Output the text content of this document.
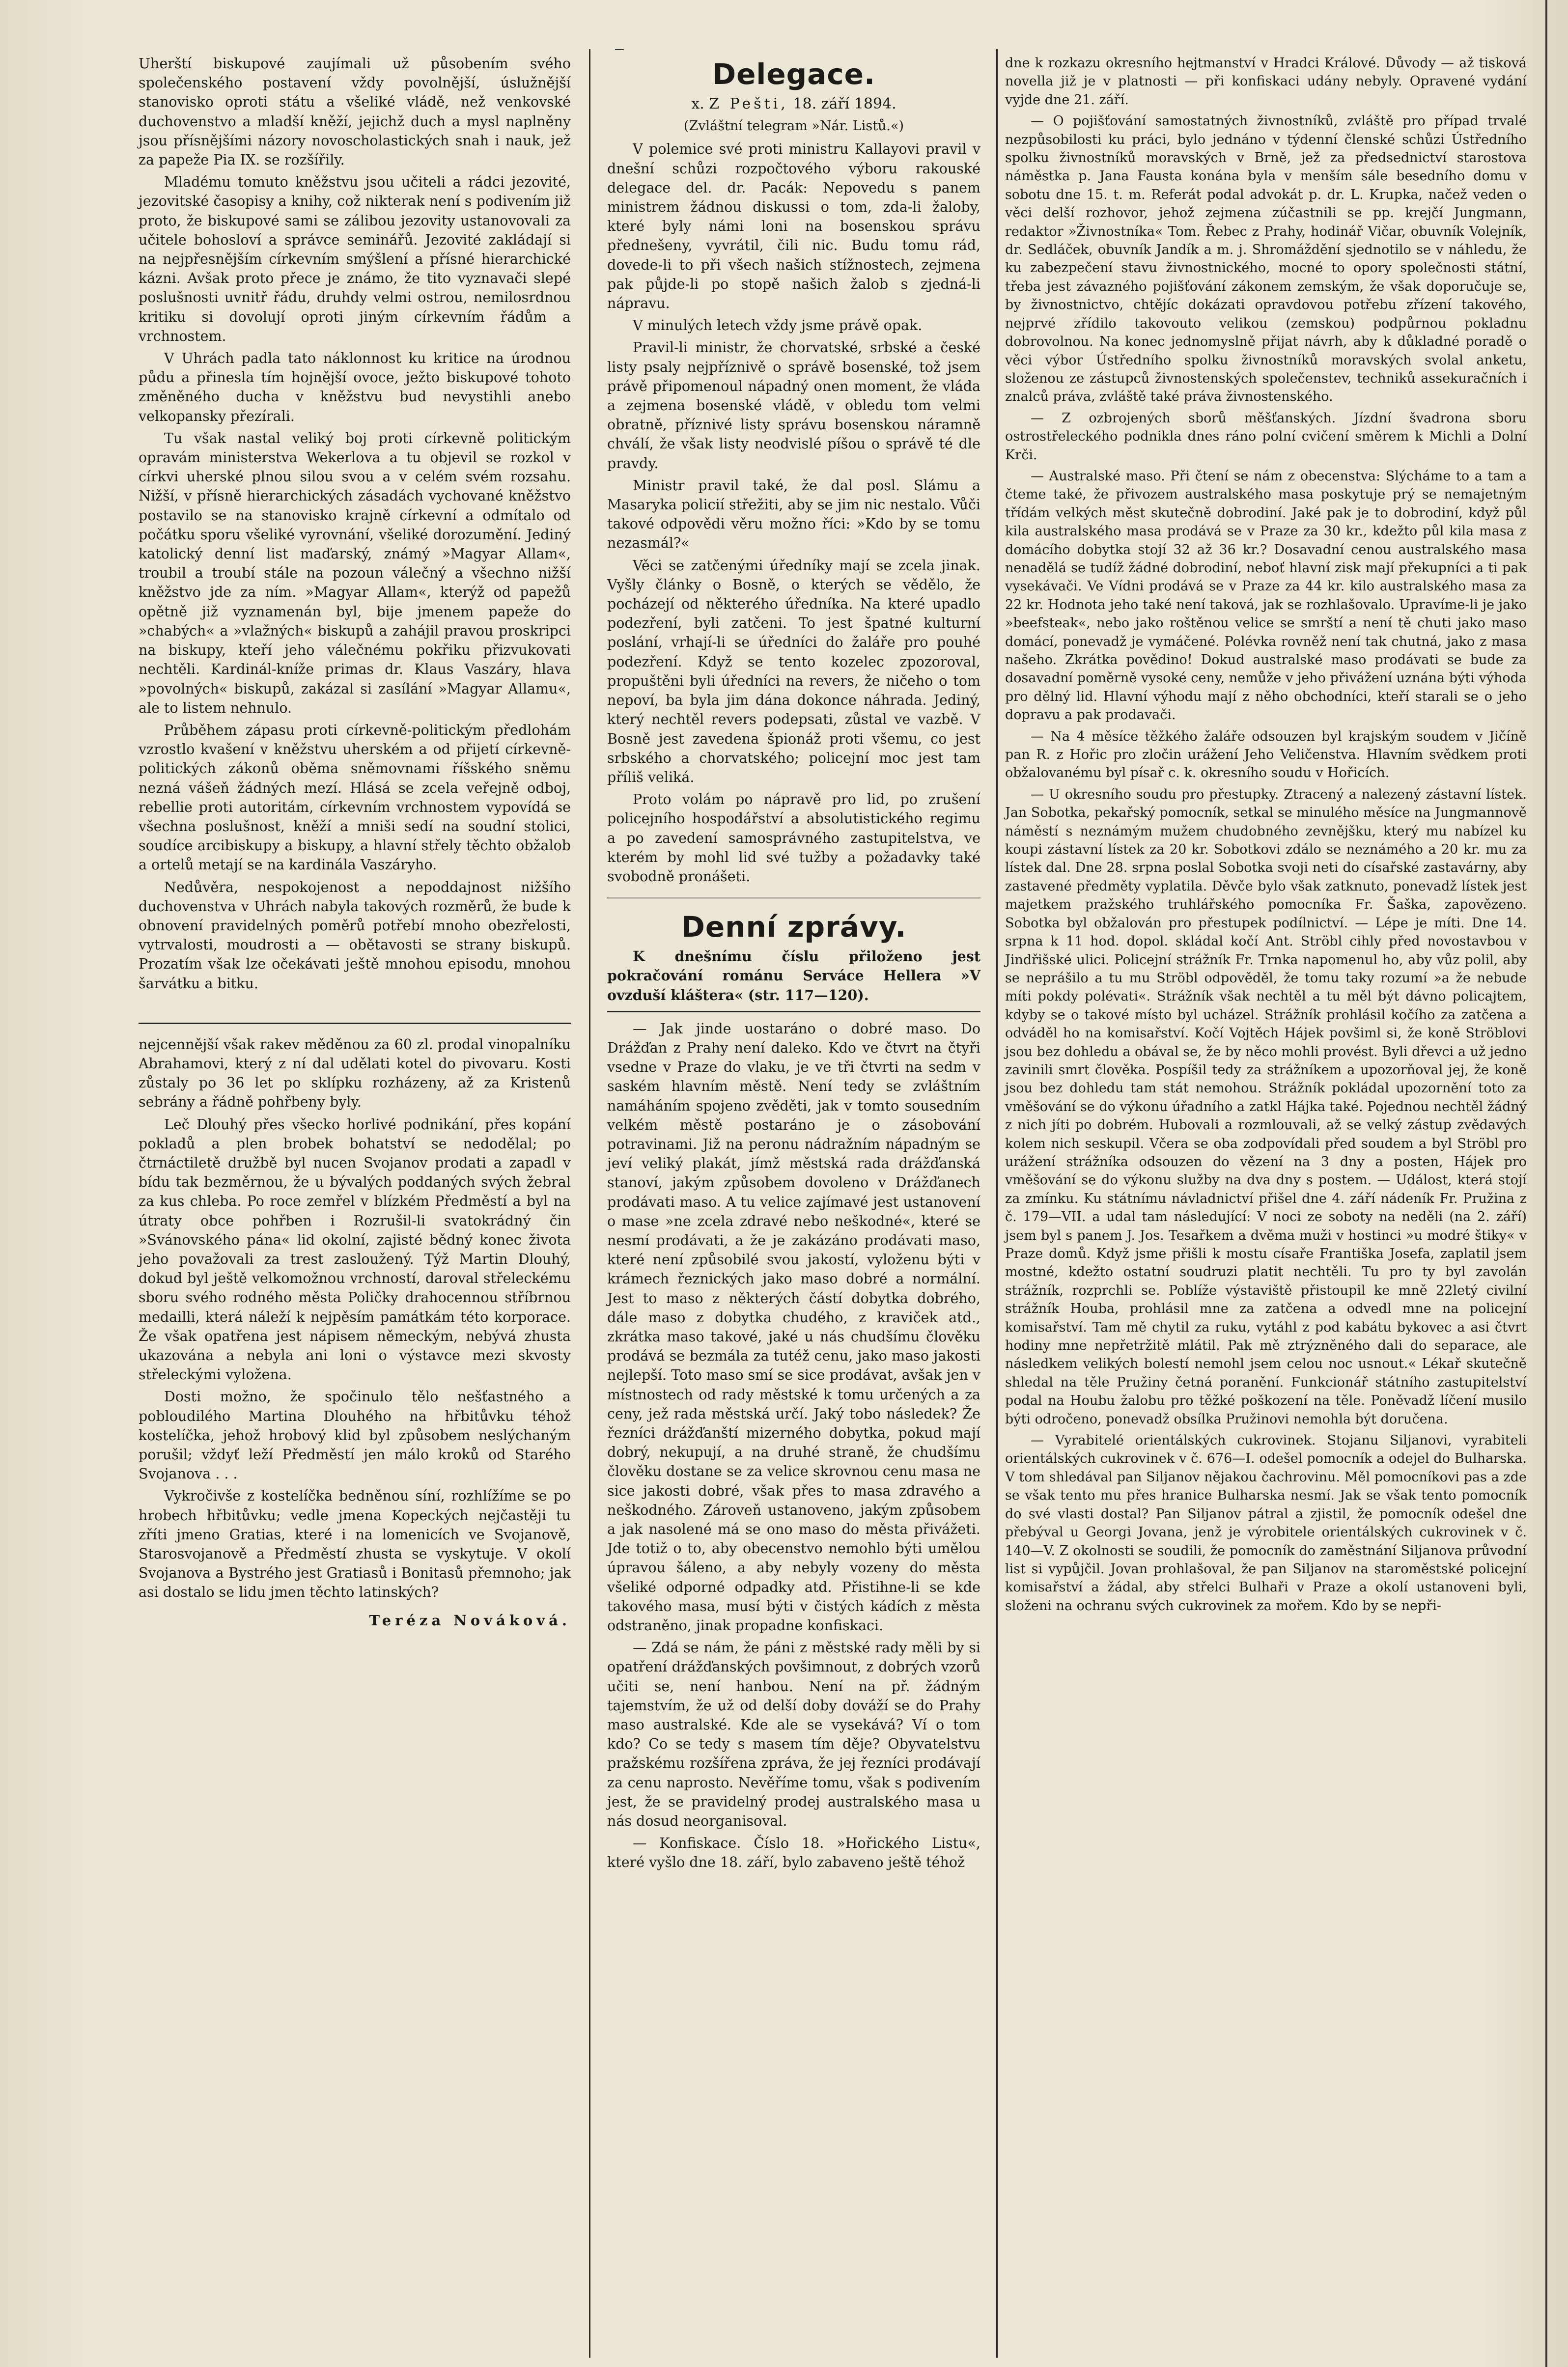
Uherští biskupové zaujímali už působením svého společenského postavení vždy povolnější, úslužnější stanovisko oproti státu a všeliké vládě, než venkovské duchovenstvo a mladší kněží, jejichž duch a mysl naplněny jsou přísnějšími názory novoscholastických snah i nauk, jež za papeže Pia IX. se rozšířily.

Mladému tomuto kněžstvu jsou učiteli a rádci jezovité, jezovitské časopisy a knihy, což nikterak není s podivením již proto, že biskupové sami se zálibou jezovity ustanovovali za učitele bohosloví a správce seminářů. Jezovité zakládají si na nejpřesnějším církevním smýšlení a přísné hierarchické kázni. Avšak proto přece je známo, že tito vyznavači slepé poslušnosti uvnitř řádu, druhdy velmi ostrou, nemilosrdnou kritiku si dovolují oproti jiným církevním řádům a vrchnostem.

V Uhrách padla tato náklonnost ku kritice na úrodnou půdu a přinesla tím hojnější ovoce, ježto biskupové tohoto změněného ducha v kněžstvu bud nevystihli anebo velkopansky přezírali.

Tu však nastal veliký boj proti církevně politickým opravám ministerstva Wekerlova a tu objevil se rozkol v církvi uherské plnou silou svou a v celém svém rozsahu. Nižší, v přísně hierarchických zásadách vychované kněžstvo postavilo se na stanovisko krajně církevní a odmítalo od počátku sporu všeliké vyrovnání, všeliké dorozumění. Jediný katolický denní list maďarský, známý »Magyar Allam«, troubil a troubí stále na pozoun válečný a všechno nižší kněžstvo jde za ním. »Magyar Allam«, kterýž od papežů opětně již vyznamenán byl, bije jmenem papeže do »chabých« a »vlažných« biskupů a zahájil pravou proskripci na biskupy, kteří jeho válečnému pokřiku přizvukovati nechtěli. Kardinál-kníže primas dr. Klaus Vaszáry, hlava »povolných« biskupů, zakázal si zasílání »Magyar Allamu«, ale to listem nehnulo.

Průběhem zápasu proti církevně-politickým předlohám vzrostlo kvašení v kněžstvu uherském a od přijetí církevně-politických zákonů oběma sněmovnami říšského sněmu nezná vášeň žádných mezí. Hlásá se zcela veřejně odboj, rebellie proti autoritám, církevním vrchnostem vypovídá se všechna poslušnost, kněží a mniši sedí na soudní stolici, soudíce arcibiskupy a biskupy, a hlavní střely těchto obžalob a ortelů metají se na kardinála Vaszáryho.

Nedůvěra, nespokojenost a nepoddajnost nižšího duchovenstva v Uhrách nabyla takových rozměrů, že bude k obnovení pravidelných poměrů potřebí mnoho obezřelosti, vytrvalosti, moudrosti a — obětavosti se strany biskupů. Prozatím však lze očekávati ještě mnohou episodu, mnohou šarvátku a bitku.

nejcennější však rakev měděnou za 60 zl. prodal vinopalníku Abrahamovi, který z ní dal udělati kotel do pivovaru. Kosti zůstaly po 36 let po sklípku rozházeny, až za Kristenů sebrány a řádně pohřbeny byly.

Leč Dlouhý přes všecko horlivé podnikání, přes kopání pokladů a plen brobek bohatství se nedodělal; po čtrnáctiletě družbě byl nucen Svojanov prodati a zapadl v bídu tak bezměrnou, že u bývalých poddaných svých žebral za kus chleba. Po roce zemřel v blízkém Předměstí a byl na útraty obce pohřben i Rozrušil-li svatokrádný čin »Svánovského pána« lid okolní, zajisté bědný konec života jeho považovali za trest zasloužený. Týž Martin Dlouhý, dokud byl ještě velkomožnou vrchností, daroval střeleckému sboru svého rodného města Poličky drahocennou stříbrnou medailli, která náleží k nejpěsím památkám této korporace. Že však opatřena jest nápisem německým, nebývá zhusta ukazována a nebyla ani loni o výstavce mezi skvosty střeleckými vyložena.

Dosti možno, že spočinulo tělo nešťastného a pobloudilého Martina Dlouhého na hřbitůvku téhož kostelíčka, jehož hrobový klid byl způsobem neslýchaným porušil; vždyť leží Předměstí jen málo kroků od Starého Svojanova . . .

Vykročivše z kostelíčka bedněnou síní, rozhlížíme se po hrobech hřbitůvku; vedle jmena Kopeckých nejčastěji tu zříti jmeno Gratias, které i na lomenicích ve Svojanově, Starosvojanově a Předměstí zhusta se vyskytuje. V okolí Svojanova a Bystrého jest Gratiasů i Bonitasů přemnoho; jak asi dostalo se lidu jmen těchto latinských?

Teréza Nováková.
Delegace.
x. Z Pešti, 18. září 1894.
(Zvláštní telegram »Nár. Listů.«)

V polemice své proti ministru Kallayovi pravil v dnešní schůzi rozpočtového výboru rakouské delegace del. dr. Pacák: Nepovedu s panem ministrem žádnou diskussi o tom, zda-li žaloby, které byly námi loni na bosenskou správu přednešeny, vyvrátil, čili nic. Budu tomu rád, dovede-li to při všech našich stížnostech, zejmena pak půjde-li po stopě našich žalob s zjedná-li nápravu.

V minulých letech vždy jsme právě opak.

Pravil-li ministr, že chorvatské, srbské a české listy psaly nejpříznivě o správě bosenské, tož jsem právě připomenoul nápadný onen moment, že vláda a zejmena bosenské vládě, v obledu tom velmi obratně, příznivé listy správu bosenskou náramně chválí, že však listy neodvislé píšou o správě té dle pravdy.

Ministr pravil také, že dal posl. Slámu a Masaryka policií střežiti, aby se jim nic nestalo. Vůči takové odpovědi věru možno říci: »Kdo by se tomu nezasmál?«

Věci se zatčenými úředníky mají se zcela jinak. Vyšly články o Bosně, o kterých se vědělo, že pocházejí od některého úředníka. Na které upadlo podezření, byli zatčeni. To jest špatné kulturní poslání, vrhají-li se úředníci do žaláře pro pouhé podezření. Když se tento kozelec zpozoroval, propuštěni byli úředníci na revers, že ničeho o tom nepoví, ba byla jim dána dokonce náhrada. Jediný, který nechtěl revers podepsati, zůstal ve vazbě. V Bosně jest zavedena špionáž proti všemu, co jest srbského a chorvatského; policejní moc jest tam příliš veliká.

Proto volám po nápravě pro lid, po zrušení policejního hospodářství a absolutistického regimu a po zavedení samosprávného zastupitelstva, ve kterém by mohl lid své tužby a požadavky také svobodně pronášeti.

Denní zprávy.

K dnešnímu číslu přiloženo jest pokračování románu Serváce Hellera »V ovzduší kláštera« (str. 117—120).

— Jak jinde uostaráno o dobré maso. Do Drážďan z Prahy není daleko. Kdo ve čtvrt na čtyři vsedne v Praze do vlaku, je ve tři čtvrti na sedm v saském hlavním městě. Není tedy se zvláštním namáháním spojeno zvěděti, jak v tomto sousedním velkém městě postaráno je o zásobování potravinami. Již na peronu nádražním nápadným se jeví veliký plakát, jímž městská rada drážďanská stanoví, jakým způsobem dovoleno v Drážďanech prodávati maso. A tu velice zajímavé jest ustanovení o mase »ne zcela zdravé nebo neškodné«, které se nesmí prodávati, a že je zakázáno prodávati maso, které není způsobilé svou jakostí, vyloženu býti v krámech řeznických jako maso dobré a normální. Jest to maso z některých částí dobytka dobrého, dále maso z dobytka chudého, z kraviček atd., zkrátka maso takové, jaké u nás chudšímu člověku prodává se bezmála za tutéž cenu, jako maso jakosti nejlepší. Toto maso smí se sice prodávat, avšak jen v místnostech od rady městské k tomu určených a za ceny, jež rada městská určí. Jaký tobo následek? Že řezníci drážďanští mizerného dobytka, pokud mají dobrý, nekupují, a na druhé straně, že chudšímu člověku dostane se za velice skrovnou cenu masa ne sice jakosti dobré, však přes to masa zdravého a neškodného. Zároveň ustanoveno, jakým způsobem a jak nasolené má se ono maso do města přivážeti. Jde totiž o to, aby obecenstvo nemohlo býti umělou úpravou šáleno, a aby nebyly vozeny do města všeliké odporné odpadky atd. Přistihne-li se kde takového masa, musí býti v čistých kádích z města odstraněno, jinak propadne konfiskaci.

— Zdá se nám, že páni z městské rady měli by si opatření drážďanských povšimnout, z dobrých vzorů učiti se, není hanbou. Není na př. žádným tajemstvím, že už od delší doby dováží se do Prahy maso australské. Kde ale se vysekává? Ví o tom kdo? Co se tedy s masem tím děje? Obyvatelstvu pražskému rozšířena zpráva, že jej řezníci prodávají za cenu naprosto. Nevěříme tomu, však s podivením jest, že se pravidelný prodej australského masa u nás dosud neorganisoval.

— Konfiskace. Číslo 18. »Hořického Listu«, které vyšlo dne 18. září, bylo zabaveno ještě téhož

dne k rozkazu okresního hejtmanství v Hradci Králové. Důvody — až tisková novella již je v platnosti — při konfiskaci udány nebyly. Opravené vydání vyjde dne 21. září.

— O pojišťování samostatných živnostníků, zvláště pro případ trvalé nezpůsobilosti ku práci, bylo jednáno v týdenní členské schůzi Ústředního spolku živnostníků moravských v Brně, jež za předsednictví starostova náměstka p. Jana Fausta konána byla v menším sále besedního domu v sobotu dne 15. t. m. Referát podal advokát p. dr. L. Krupka, načež veden o věci delší rozhovor, jehož zejmena zúčastnili se pp. krejčí Jungmann, redaktor »Živnostníka« Tom. Řebec z Prahy, hodinář Vičar, obuvník Volejník, dr. Sedláček, obuvník Jandík a m. j. Shromáždění sjednotilo se v náhledu, že ku zabezpečení stavu živnostnického, mocné to opory společnosti státní, třeba jest závazného pojišťování zákonem zemským, že však doporučuje se, by živnostnictvo, chtějíc dokázati opravdovou potřebu zřízení takového, nejprvé zřídilo takovouto velikou (zemskou) podpůrnou pokladnu dobrovolnou. Na konec jednomyslně přijat návrh, aby k důkladné poradě o věci výbor Ústředního spolku živnostníků moravských svolal anketu, složenou ze zástupců živnostenských společenstev, techniků assekuračních i znalců práva, zvláště také práva živnostenského.

— Z ozbrojených sborů měšťanských. Jízdní švadrona sboru ostrostřeleckého podnikla dnes ráno polní cvičení směrem k Michli a Dolní Krči.

— Australské maso. Při čtení se nám z obecenstva: Slýcháme to a tam a čteme také, že přivozem australského masa poskytuje prý se nemajetným třídám velkých měst skutečně dobrodiní. Jaké pak je to dobrodiní, když půl kila australského masa prodává se v Praze za 30 kr., kdežto půl kila masa z domácího dobytka stojí 32 až 36 kr.? Dosavadní cenou australského masa nenadělá se tudíž žádné dobrodiní, neboť hlavní zisk mají překupníci a ti pak vysekávači. Ve Vídni prodává se v Praze za 44 kr. kilo australského masa za 22 kr. Hodnota jeho také není taková, jak se rozhlašovalo. Upravíme-li je jako »beefsteak«, nebo jako roštěnou velice se smrští a není tě chuti jako maso domácí, ponevadž je vymáčené. Polévka rovněž není tak chutná, jako z masa našeho. Zkrátka povědino! Dokud australské maso prodávati se bude za dosavadní poměrně vysoké ceny, nemůže v jeho přivážení uznána býti výhoda pro dělný lid. Hlavní výhodu mají z něho obchodníci, kteří starali se o jeho dopravu a pak prodavači.

— Na 4 měsíce těžkého žaláře odsouzen byl krajským soudem v Jičíně pan R. z Hořic pro zločin urážení Jeho Veličenstva. Hlavním svědkem proti obžalovanému byl písař c. k. okresního soudu v Hořicích.

— U okresního soudu pro přestupky. Ztracený a nalezený zástavní lístek. Jan Sobotka, pekařský pomocník, setkal se minulého měsíce na Jungmannově náměstí s neznámým mužem chudobného zevnějšku, který mu nabízel ku koupi zástavní lístek za 20 kr. Sobotkovi zdálo se neznámého a 20 kr. mu za lístek dal. Dne 28. srpna poslal Sobotka svoji neti do císařské zastavárny, aby zastavené předměty vyplatila. Děvče bylo však zatknuto, ponevadž lístek jest majetkem pražského truhlářského pomocníka Fr. Šaška, zapovězeno. Sobotka byl obžalován pro přestupek podílnictví. — Lépe je míti. Dne 14. srpna k 11 hod. dopol. skládal kočí Ant. Ströbl cihly před novostavbou v Jindřišské ulici. Policejní strážník Fr. Trnka napomenul ho, aby vůz polil, aby se neprášilo a tu mu Ströbl odpověděl, že tomu taky rozumí »a že nebude míti pokdy polévati«. Strážník však nechtěl a tu měl být dávno policajtem, kdyby se o takové místo byl ucházel. Strážník prohlásil kočího za zatčena a odváděl ho na komisařství. Kočí Vojtěch Hájek povšiml si, že koně Ströblovi jsou bez dohledu a obával se, že by něco mohli provést. Byli dřevci a už jedno zavinili smrt člověka. Pospíšil tedy za strážníkem a upozorňoval jej, že koně jsou bez dohledu tam stát nemohou. Strážník pokládal upozornění toto za vměšování se do výkonu úřadního a zatkl Hájka také. Pojednou nechtěl žádný z nich jíti po dobrém. Hubovali a rozmlouvali, až se velký zástup zvědavých kolem nich seskupil. Včera se oba zodpovídali před soudem a byl Ströbl pro urážení strážníka odsouzen do vězení na 3 dny a posten, Hájek pro vměšování se do výkonu služby na dva dny s postem. — Událost, která stojí za zmínku. Ku státnímu návladnictví přišel dne 4. září nádeník Fr. Pružina z č. 179—VII. a udal tam následující: V noci ze soboty na neděli (na 2. září) jsem byl s panem J. Jos. Tesařkem a dvěma muži v hostinci »u modré štiky« v Praze domů. Když jsme přišli k mostu císaře Františka Josefa, zaplatil jsem mostné, kdežto ostatní soudruzi platit nechtěli. Tu pro ty byl zavolán strážník, rozprchli se. Poblíže výstaviště přistoupil ke mně 22letý civilní strážník Houba, prohlásil mne za zatčena a odvedl mne na policejní komisařství. Tam mě chytil za ruku, vytáhl z pod kabátu bykovec a asi čtvrt hodiny mne nepřetržitě mlátil. Pak mě ztrýzněného dali do separace, ale následkem velikých bolestí nemohl jsem celou noc usnout.« Lékař skutečně shledal na těle Pružiny četná poranění. Funkcionář státního zastupitelství podal na Houbu žalobu pro těžké poškození na těle. Poněvadž líčení musilo býti odročeno, ponevadž obsílka Pružinovi nemohla být doručena.

— Vyrabitelé orientálských cukrovinek. Stojanu Siljanovi, vyrabiteli orientálských cukrovinek v č. 676—I. odešel pomocník a odejel do Bulharska. V tom shledával pan Siljanov nějakou čachrovinu. Měl pomocníkovi pas a zde se však tento mu přes hranice Bulharska nesmí. Jak se však tento pomocník do své vlasti dostal? Pan Siljanov pátral a zjistil, že pomocník odešel dne přebýval u Georgi Jovana, jenž je výrobitele orientálských cukrovinek v č. 140—V. Z okolnosti se soudili, že pomocník do zaměstnání Siljanova průvodní list si vypůjčil. Jovan prohlašoval, že pan Siljanov na staroměstské policejní komisařství a žádal, aby střelci Bulhaři v Praze a okolí ustanoveni byli, složeni na ochranu svých cukrovinek za mořem. Kdo by se nepři-
